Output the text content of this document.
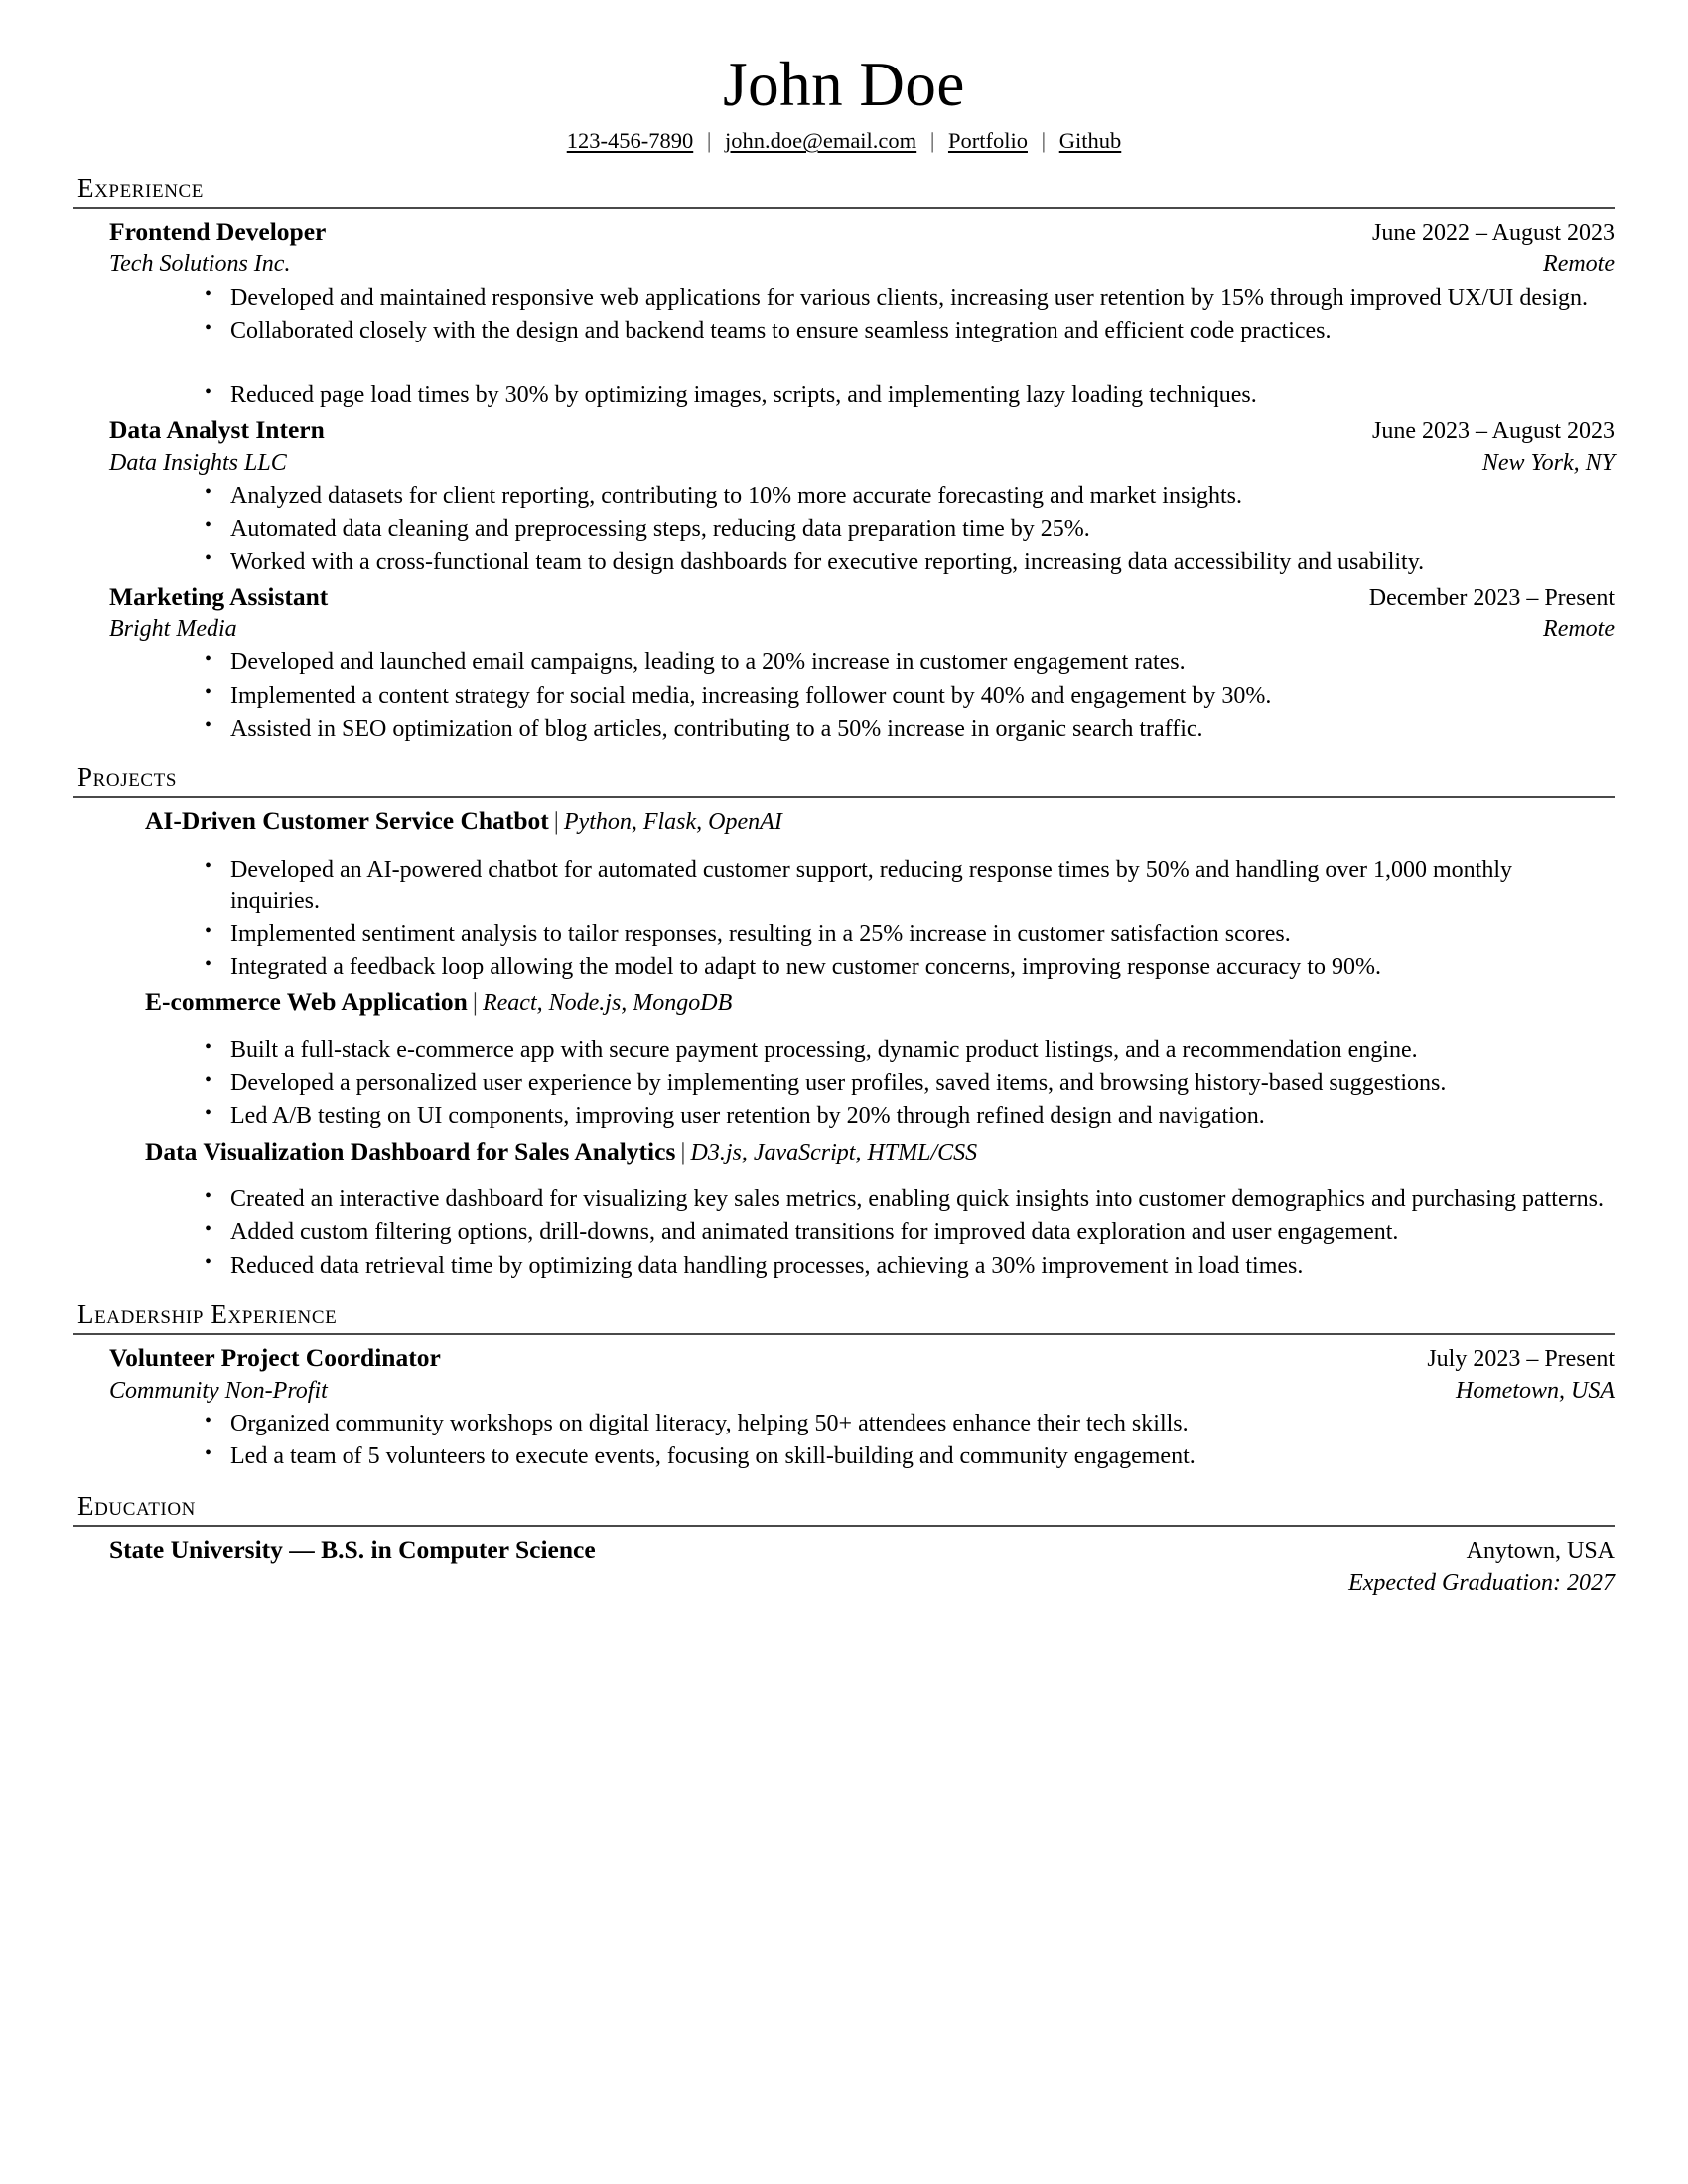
John Doe
123-456-7890 | john.doe@email.com | Portfolio | Github
Experience
Frontend Developer	June 2022 – August 2023
Tech Solutions Inc.	Remote
• Developed and maintained responsive web applications for various clients, increasing user retention by 15% through improved UX/UI design.
• Collaborated closely with the design and backend teams to ensure seamless integration and efficient code practices.
• Reduced page load times by 30% by optimizing images, scripts, and implementing lazy loading techniques.
Data Analyst Intern	June 2023 – August 2023
Data Insights LLC	New York, NY
• Analyzed datasets for client reporting, contributing to 10% more accurate forecasting and market insights.
• Automated data cleaning and preprocessing steps, reducing data preparation time by 25%.
• Worked with a cross-functional team to design dashboards for executive reporting, increasing data accessibility and usability.
Marketing Assistant	December 2023 – Present
Bright Media	Remote
• Developed and launched email campaigns, leading to a 20% increase in customer engagement rates.
• Implemented a content strategy for social media, increasing follower count by 40% and engagement by 30%.
• Assisted in SEO optimization of blog articles, contributing to a 50% increase in organic search traffic.
Projects
AI-Driven Customer Service Chatbot | Python, Flask, OpenAI
• Developed an AI-powered chatbot for automated customer support, reducing response times by 50% and handling over 1,000 monthly inquiries.
• Implemented sentiment analysis to tailor responses, resulting in a 25% increase in customer satisfaction scores.
• Integrated a feedback loop allowing the model to adapt to new customer concerns, improving response accuracy to 90%.
E-commerce Web Application | React, Node.js, MongoDB
• Built a full-stack e-commerce app with secure payment processing, dynamic product listings, and a recommendation engine.
• Developed a personalized user experience by implementing user profiles, saved items, and browsing history-based suggestions.
• Led A/B testing on UI components, improving user retention by 20% through refined design and navigation.
Data Visualization Dashboard for Sales Analytics | D3.js, JavaScript, HTML/CSS
• Created an interactive dashboard for visualizing key sales metrics, enabling quick insights into customer demographics and purchasing patterns.
• Added custom filtering options, drill-downs, and animated transitions for improved data exploration and user engagement.
• Reduced data retrieval time by optimizing data handling processes, achieving a 30% improvement in load times.
Leadership Experience
Volunteer Project Coordinator	July 2023 – Present
Community Non-Profit	Hometown, USA
• Organized community workshops on digital literacy, helping 50+ attendees enhance their tech skills.
• Led a team of 5 volunteers to execute events, focusing on skill-building and community engagement.
Education
State University — B.S. in Computer Science	Anytown, USA
Expected Graduation: 2027
